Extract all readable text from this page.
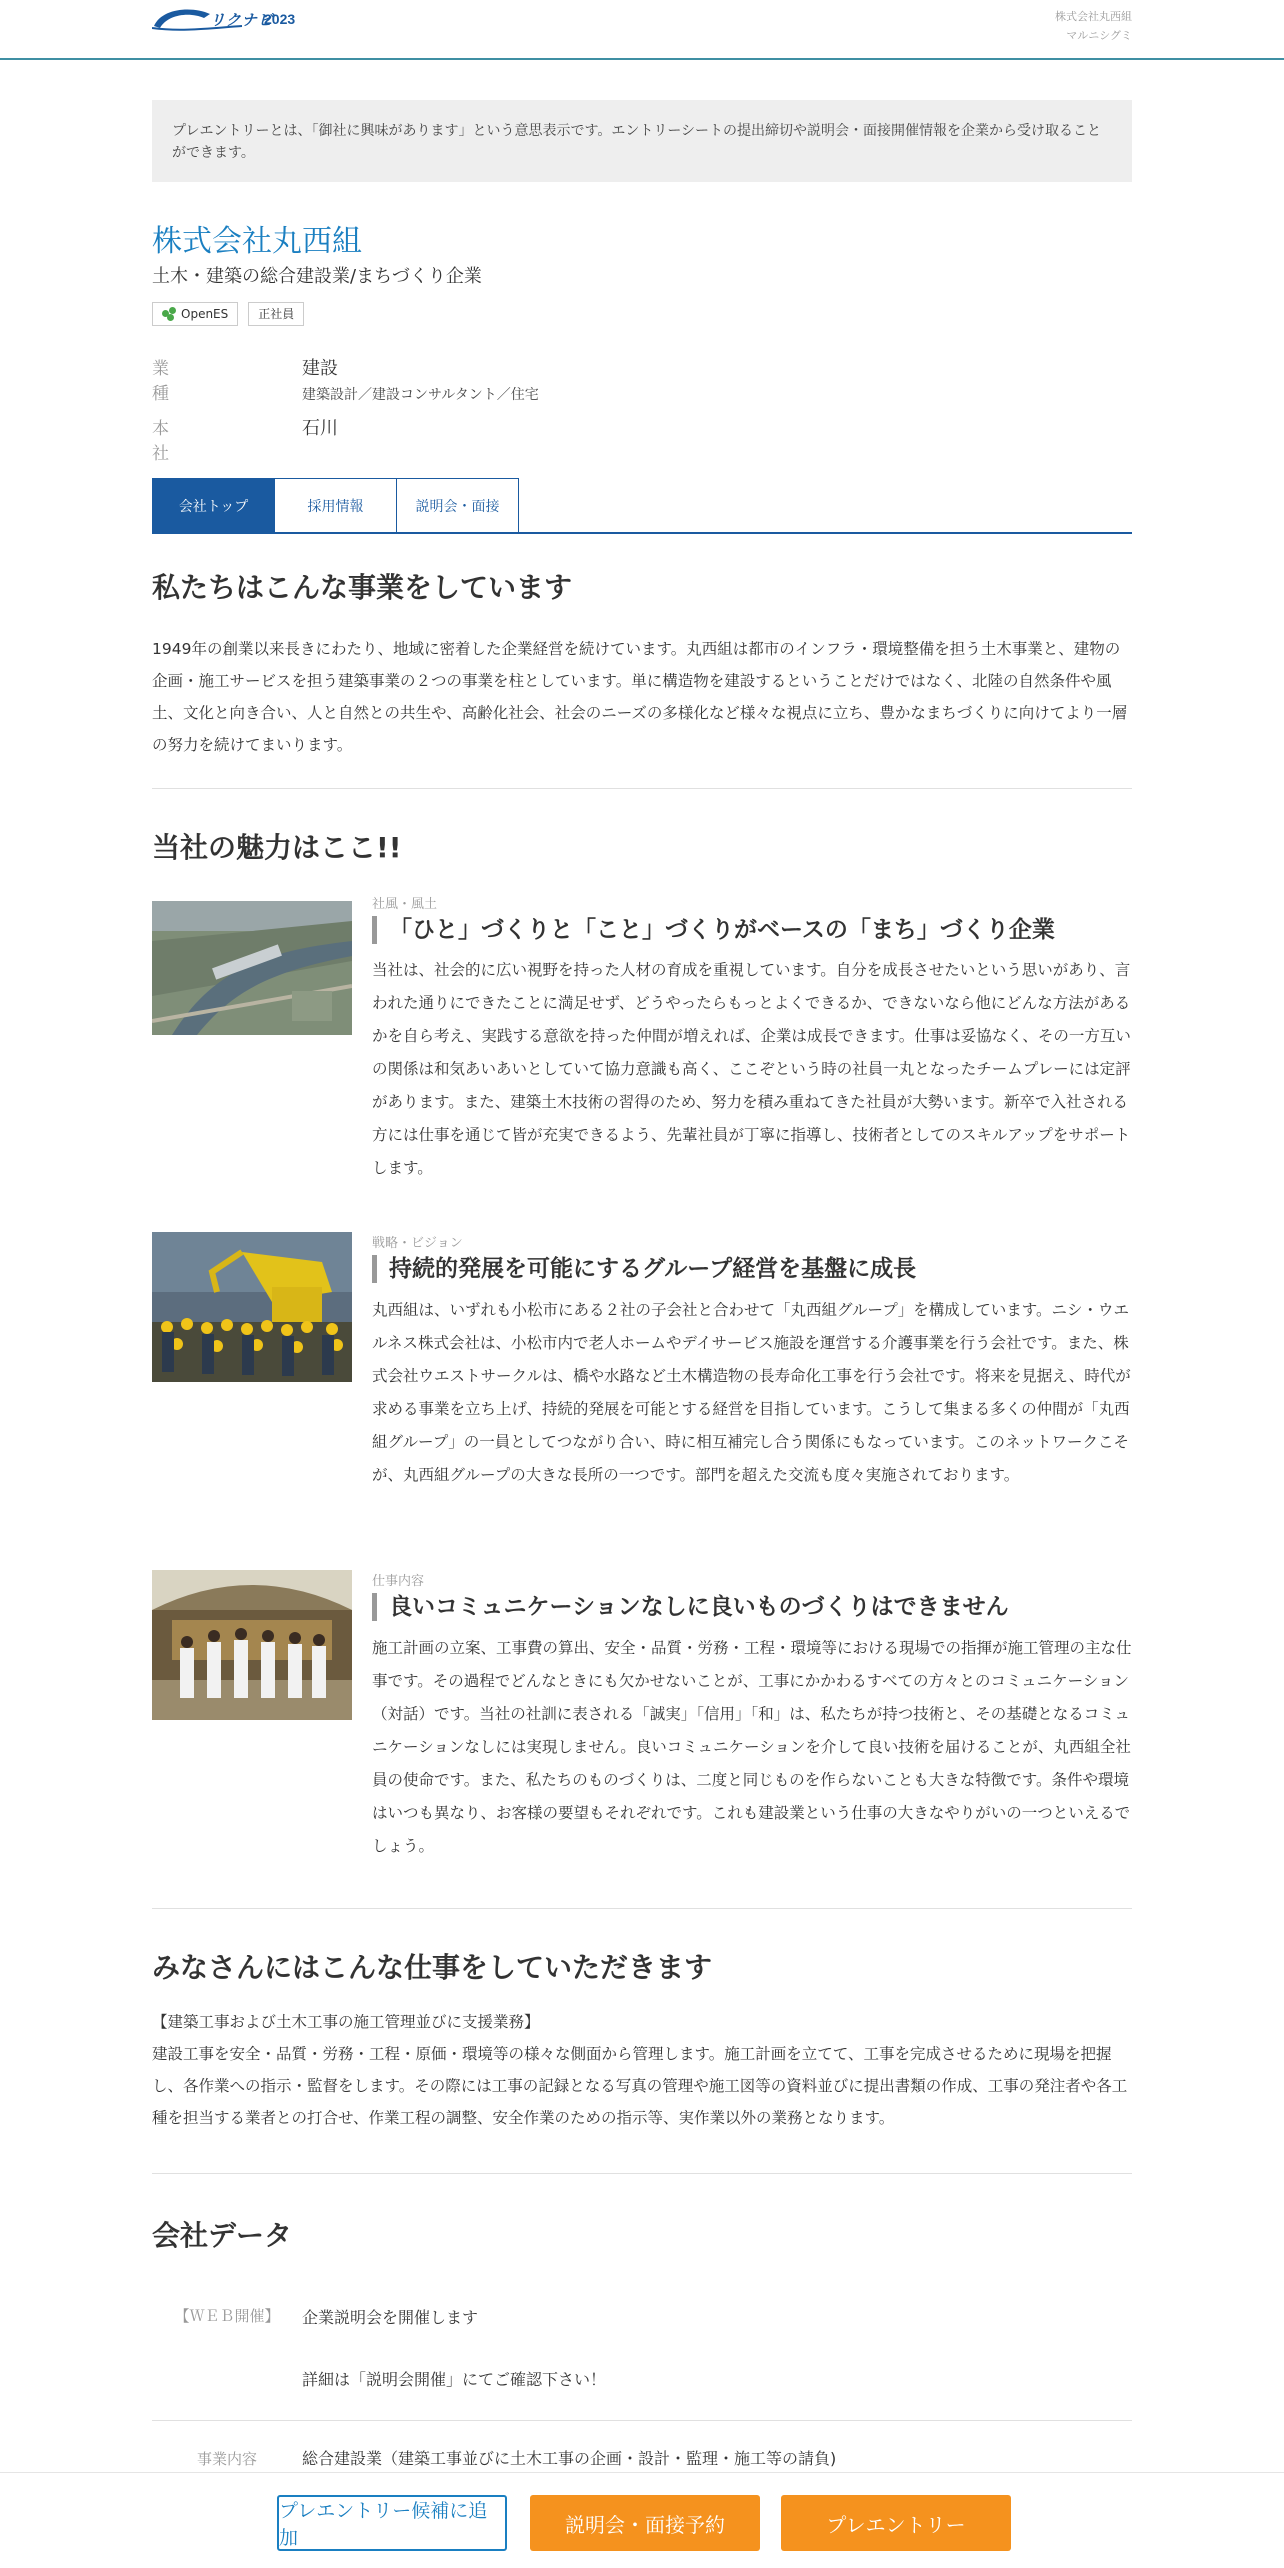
リクナビ
2023	株式会社丸西組
マルニシグミ
プレエントリーとは、「御社に興味があります」という意思表示です。エントリーシートの提出締切や説明会・面接開催情報を企業から受け取ることができます。
株式会社丸西組
土木・建築の総合建設業/まちづくり企業
OpenES	正社員
業種
建設
建築設計／建設コンサルタント／住宅
本社
石川
会社トップ	採用情報	説明会・面接
私たちはこんな事業をしています

1949年の創業以来長きにわたり、地域に密着した企業経営を続けています。丸西組は都市のインフラ・環境整備を担う土木事業と、建物の企画・施工サービスを担う建築事業の２つの事業を柱としています。単に構造物を建設するということだけではなく、北陸の自然条件や風土、文化と向き合い、人と自然との共生や、高齢化社会、社会のニーズの多様化など様々な視点に立ち、豊かなまちづくりに向けてより一層の努力を続けてまいります。

当社の魅力はここ!!
社風・風土
「ひと」づくりと「こと」づくりがベースの「まち」づくり企業

当社は、社会的に広い視野を持った人材の育成を重視しています。自分を成長させたいという思いがあり、言われた通りにできたことに満足せず、どうやったらもっとよくできるか、できないなら他にどんな方法があるかを自ら考え、実践する意欲を持った仲間が増えれば、企業は成長できます。仕事は妥協なく、その一方互いの関係は和気あいあいとしていて協力意識も高く、ここぞという時の社員一丸となったチームプレーには定評があります。また、建築土木技術の習得のため、努力を積み重ねてきた社員が大勢います。新卒で入社される方には仕事を通じて皆が充実できるよう、先輩社員が丁寧に指導し、技術者としてのスキルアップをサポートします。

戦略・ビジョン
持続的発展を可能にするグループ経営を基盤に成長

丸西組は、いずれも小松市にある２社の子会社と合わせて「丸西組グループ」を構成しています。ニシ・ウエルネス株式会社は、小松市内で老人ホームやデイサービス施設を運営する介護事業を行う会社です。また、株式会社ウエストサークルは、橋や水路など土木構造物の長寿命化工事を行う会社です。将来を見据え、時代が求める事業を立ち上げ、持続的発展を可能とする経営を目指しています。こうして集まる多くの仲間が「丸西組グループ」の一員としてつながり合い、時に相互補完し合う関係にもなっています。このネットワークこそが、丸西組グループの大きな長所の一つです。部門を超えた交流も度々実施されております。

仕事内容
良いコミュニケーションなしに良いものづくりはできません

施工計画の立案、工事費の算出、安全・品質・労務・工程・環境等における現場での指揮が施工管理の主な仕事です。その過程でどんなときにも欠かせないことが、工事にかかわるすべての方々とのコミュニケーション（対話）です。当社の社訓に表される「誠実」「信用」「和」は、私たちが持つ技術と、その基礎となるコミュニケーションなしには実現しません。良いコミュニケーションを介して良い技術を届けることが、丸西組全社員の使命です。また、私たちのものづくりは、二度と同じものを作らないことも大きな特徴です。条件や環境はいつも異なり、お客様の要望もそれぞれです。これも建設業という仕事の大きなやりがいの一つといえるでしょう。

みなさんにはこんな仕事をしていただきます

【建築工事および土木工事の施工管理並びに支援業務】

建設工事を安全・品質・労務・工程・原価・環境等の様々な側面から管理します。施工計画を立てて、工事を完成させるために現場を把握し、各作業への指示・監督をします。その際には工事の記録となる写真の管理や施工図等の資料並びに提出書類の作成、工事の発注者や各工種を担当する業者との打合せ、作業工程の調整、安全作業のための指示等、実作業以外の業務となります。

会社データ
【ＷＥＢ開催】	企業説明会を開催します
詳細は「説明会開催」にてご確認下さい！
事業内容	総合建設業（建築工事並びに土木工事の企画・設計・監理・施工等の請負)
プレエントリー候補に追加
説明会・面接予約	プレエントリー
